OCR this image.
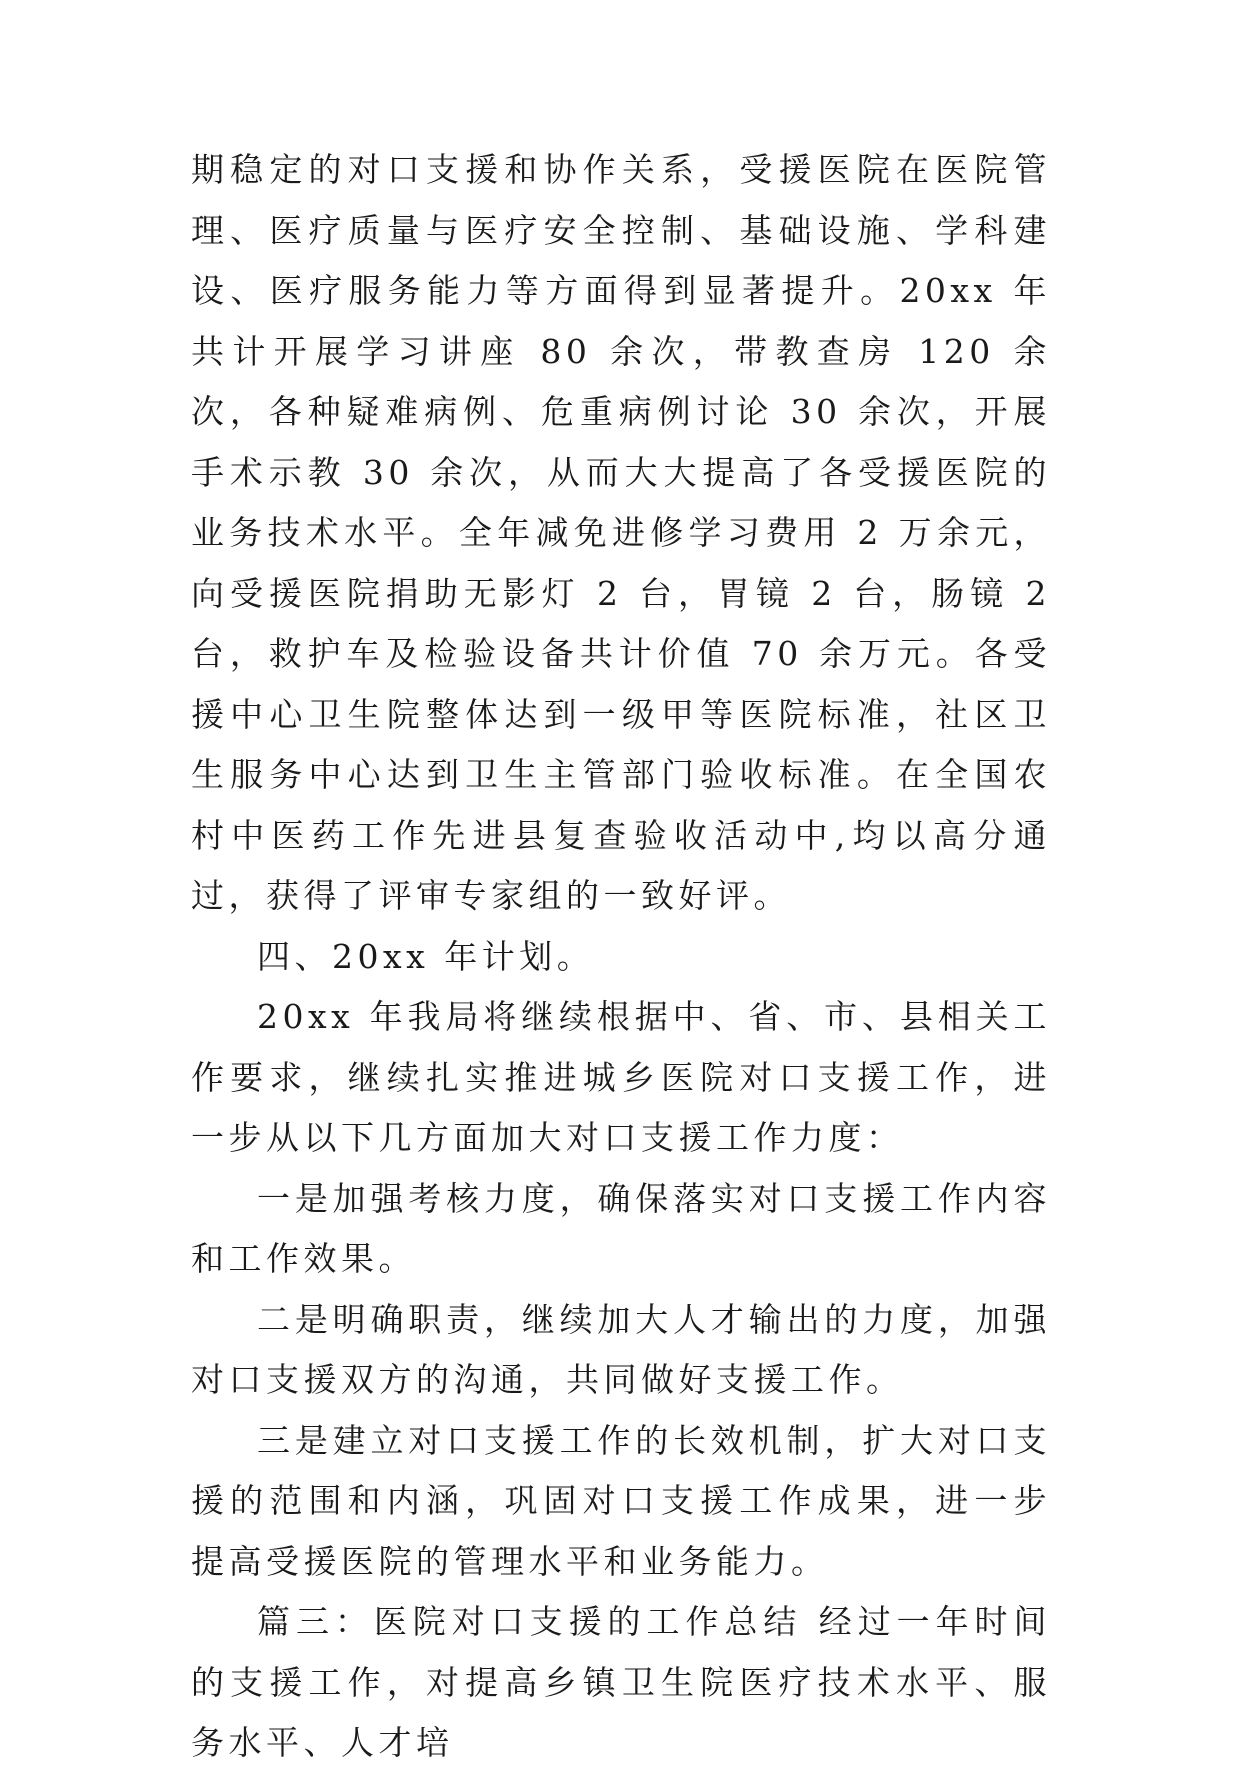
期稳定的对口支援和协作关系，受援医院在医院管理、医疗质量与医疗安全控制、基础设施、学科建设、医疗服务能力等方面得到显著提升。20xx 年共计开展学习讲座 80 余次，带教查房 120 余次，各种疑难病例、危重病例讨论 30 余次，开展手术示教 30 余次，从而大大提高了各受援医院的业务技术水平。全年减免进修学习费用 2 万余元，向受援医院捐助无影灯 2 台，胃镜 2 台，肠镜 2 台，救护车及检验设备共计价值 70 余万元。各受援中心卫生院整体达到一级甲等医院标准，社区卫生服务中心达到卫生主管部门验收标准。在全国农村中医药工作先进县复查验收活动中,均以高分通过，获得了评审专家组的一致好评。

四、20xx 年计划。

20xx 年我局将继续根据中、省、市、县相关工作要求，继续扎实推进城乡医院对口支援工作，进一步从以下几方面加大对口支援工作力度：

一是加强考核力度，确保落实对口支援工作内容和工作效果。

二是明确职责，继续加大人才输出的力度，加强对口支援双方的沟通，共同做好支援工作。

三是建立对口支援工作的长效机制，扩大对口支援的范围和内涵，巩固对口支援工作成果，进一步提高受援医院的管理水平和业务能力。

篇三：医院对口支援的工作总结 经过一年时间的支援工作，对提高乡镇卫生院医疗技术水平、服务水平、人才培
